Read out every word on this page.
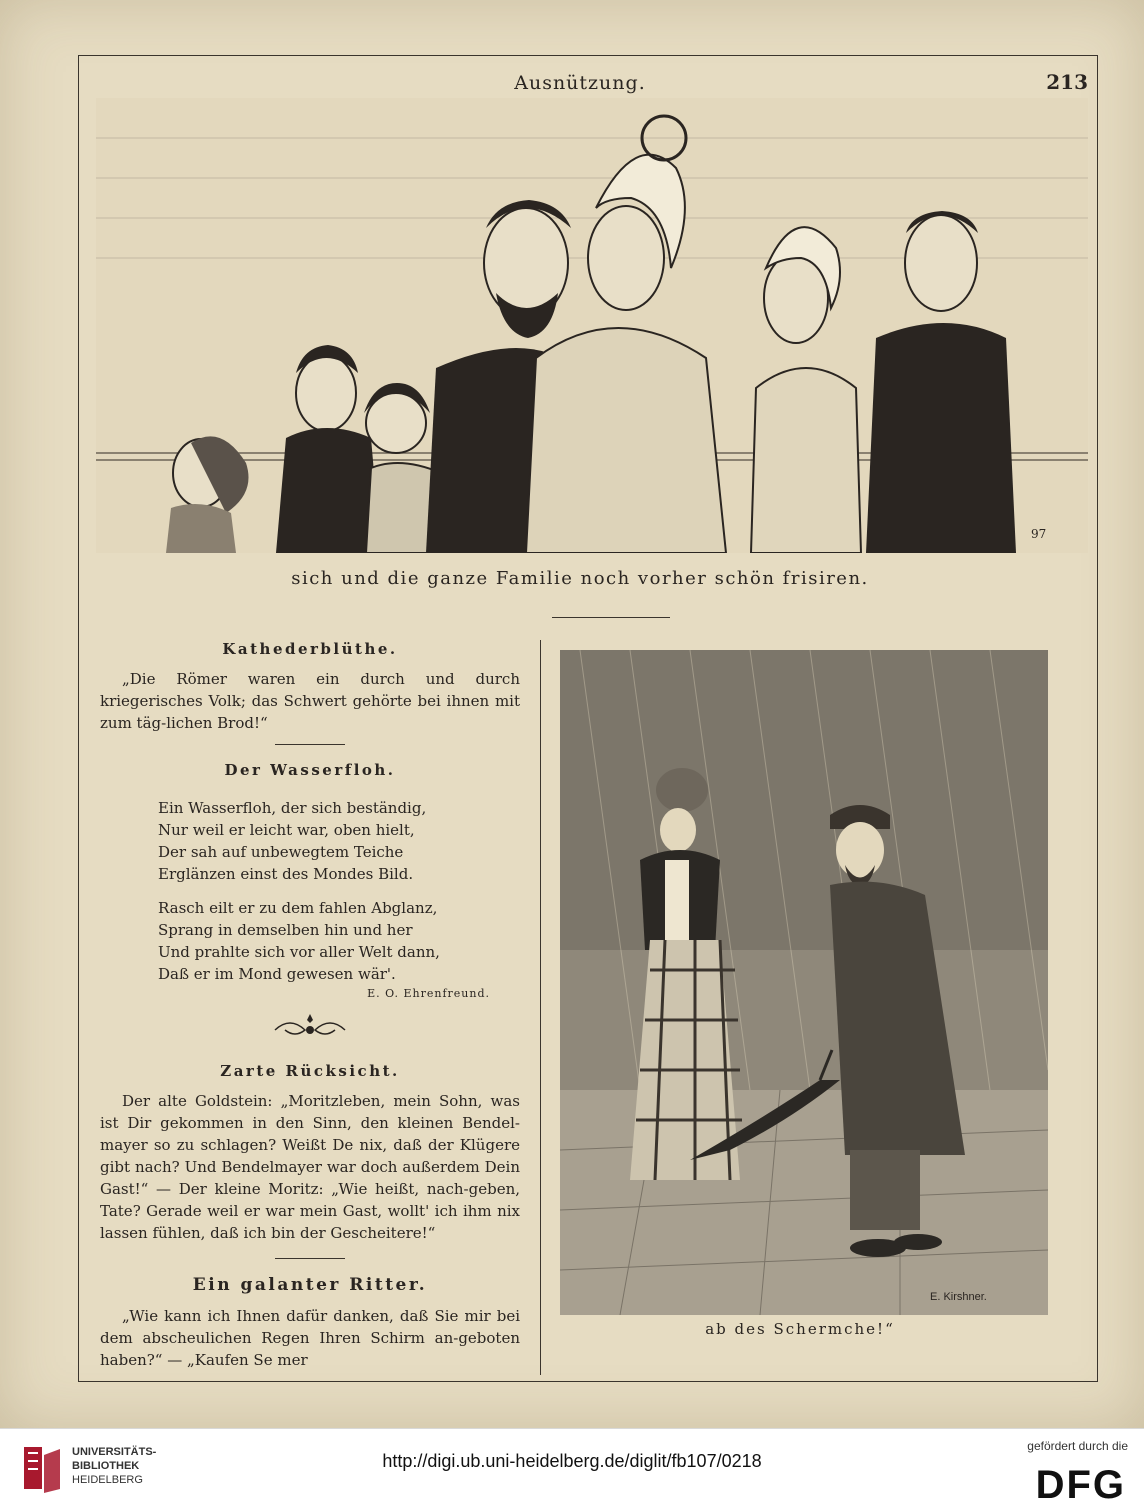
Ausnützung.	213
97
sich und die ganze Familie noch vorher schön frisiren.
Kathederblüthe.

„Die Römer waren ein durch und durch kriegerisches Volk; das Schwert gehörte bei ihnen mit zum täg-lichen Brod!“

Der Wasserfloh.

Ein Wasserfloh, der sich beständig,
Nur weil er leicht war, oben hielt,
Der sah auf unbewegtem Teiche
Erglänzen einst des Mondes Bild.

Rasch eilt er zu dem fahlen Abglanz,
Sprang in demselben hin und her
Und prahlte sich vor aller Welt dann,
Daß er im Mond gewesen wär'.

E. O. Ehrenfreund.
Zarte Rücksicht.

Der alte Goldstein: „Moritzleben, mein Sohn, was ist Dir gekommen in den Sinn, den kleinen Bendel-mayer so zu schlagen? Weißt De nix, daß der Klügere gibt nach? Und Bendelmayer war doch außerdem Dein Gast!“ — Der kleine Moritz: „Wie heißt, nach-geben, Tate? Gerade weil er war mein Gast, wollt' ich ihm nix lassen fühlen, daß ich bin der Gescheitere!“

Ein galanter Ritter.

„Wie kann ich Ihnen dafür danken, daß Sie mir bei dem abscheulichen Regen Ihren Schirm an-geboten haben?“ — „Kaufen Se mer

E. Kirshner.
ab des Schermche!“
UNIVERSITÄTS-
BIBLIOTHEK
HEIDELBERG
http://digi.ub.uni-heidelberg.de/diglit/fb107/0218
gefördert durch die
DFG
